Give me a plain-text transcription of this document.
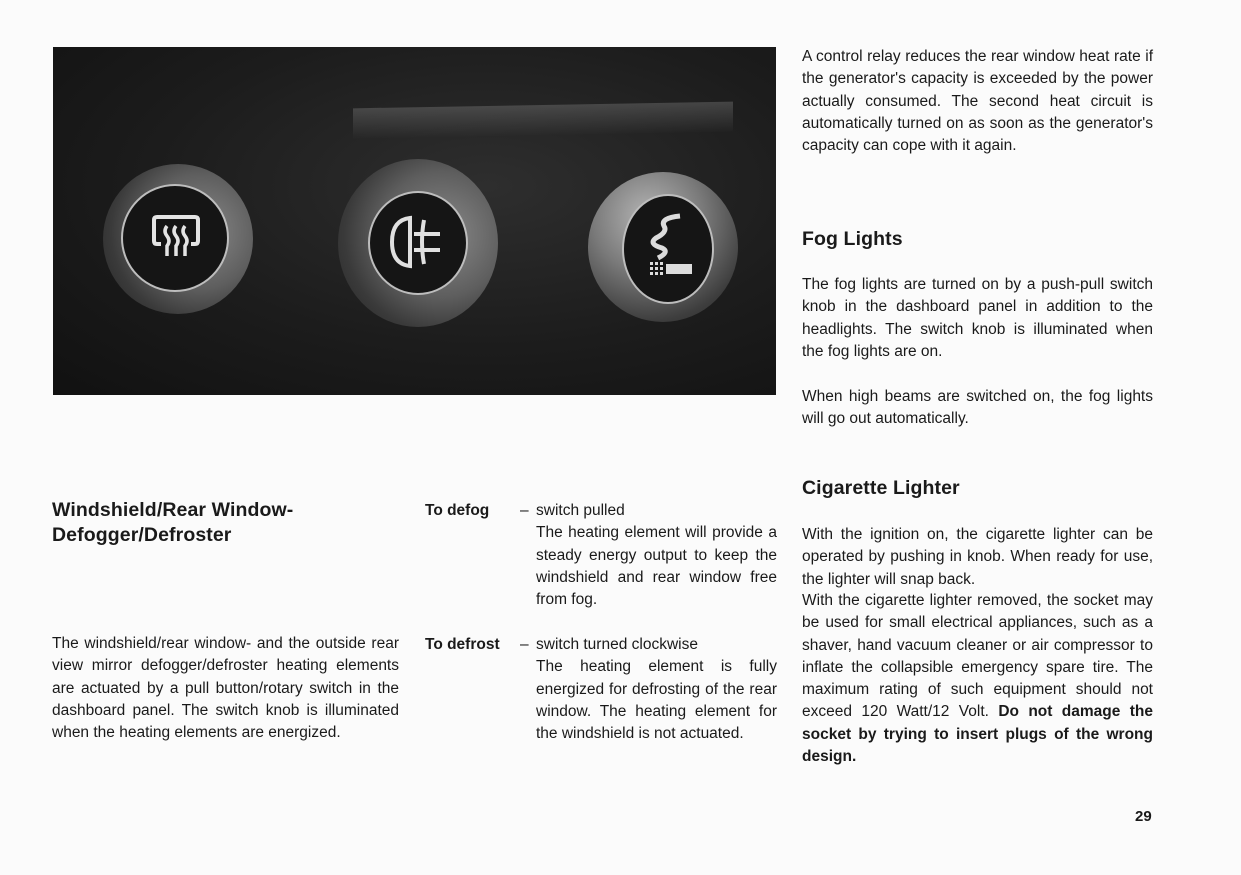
Windshield/Rear Window-
Defogger/Defroster

The windshield/rear window- and the outside rear view mirror defogger/defroster heating elements are actuated by a pull button/rotary switch in the dashboard panel. The switch knob is illuminated when the heating elements are energized.

To defog – switch pulled

The heating element will provide a steady energy output to keep the windshield and rear window free from fog.

To defrost – switch turned clockwise

The heating element is fully energized for defrosting of the rear window. The heating element for the windshield is not actuated.

A control relay reduces the rear window heat rate if the generator's capacity is exceeded by the power actually consumed. The second heat circuit is automatically turned on as soon as the generator's capacity can cope with it again.

Fog Lights

The fog lights are turned on by a push-pull switch knob in the dashboard panel in addition to the headlights. The switch knob is illuminated when the fog lights are on.

When high beams are switched on, the fog lights will go out automatically.

Cigarette Lighter

With the ignition on, the cigarette lighter can be operated by pushing in knob. When ready for use, the lighter will snap back.

With the cigarette lighter removed, the socket may be used for small electrical appliances, such as a shaver, hand vacuum cleaner or air compressor to inflate the collapsible emergency spare tire. The maximum rating of such equipment should not exceed 120 Watt/12 Volt. Do not damage the socket by trying to insert plugs of the wrong design.

29
